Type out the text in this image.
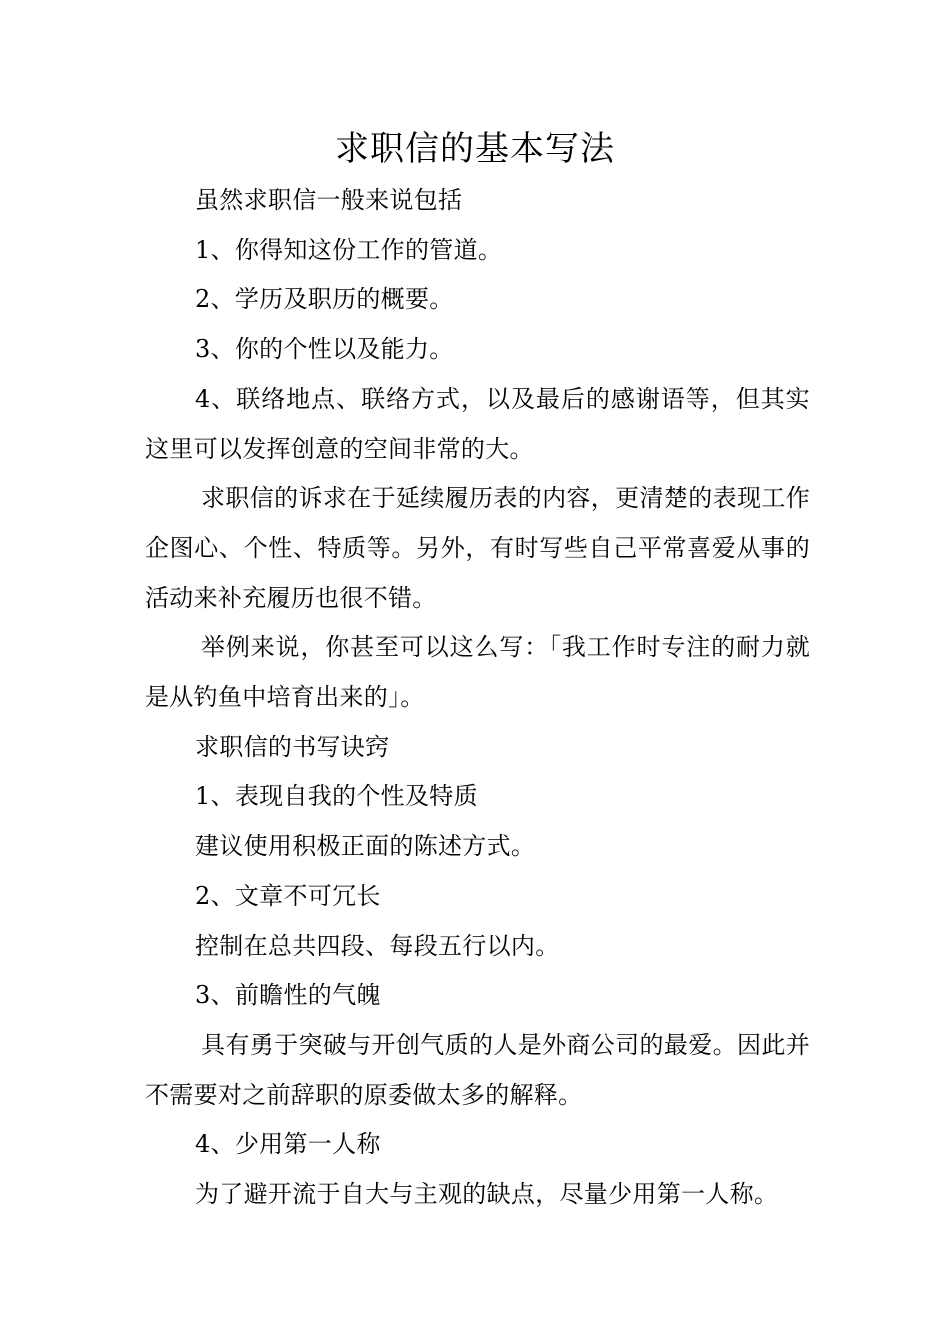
求职信的基本写法

虽然求职信一般来说包括

1、你得知这份工作的管道。

2、学历及职历的概要。

3、你的个性以及能力。

4、联络地点、联络方式，以及最后的感谢语等，但其实这里可以发挥创意的空间非常的大。

求职信的诉求在于延续履历表的内容，更清楚的表现工作企图心、个性、特质等。另外，有时写些自己平常喜爱从事的活动来补充履历也很不错。

举例来说，你甚至可以这么写：「我工作时专注的耐力就是从钓鱼中培育出来的」。

求职信的书写诀窍

1、表现自我的个性及特质

建议使用积极正面的陈述方式。

2、文章不可冗长

控制在总共四段、每段五行以内。

3、前瞻性的气魄

具有勇于突破与开创气质的人是外商公司的最爱。因此并不需要对之前辞职的原委做太多的解释。

4、少用第一人称

为了避开流于自大与主观的缺点，尽量少用第一人称。
